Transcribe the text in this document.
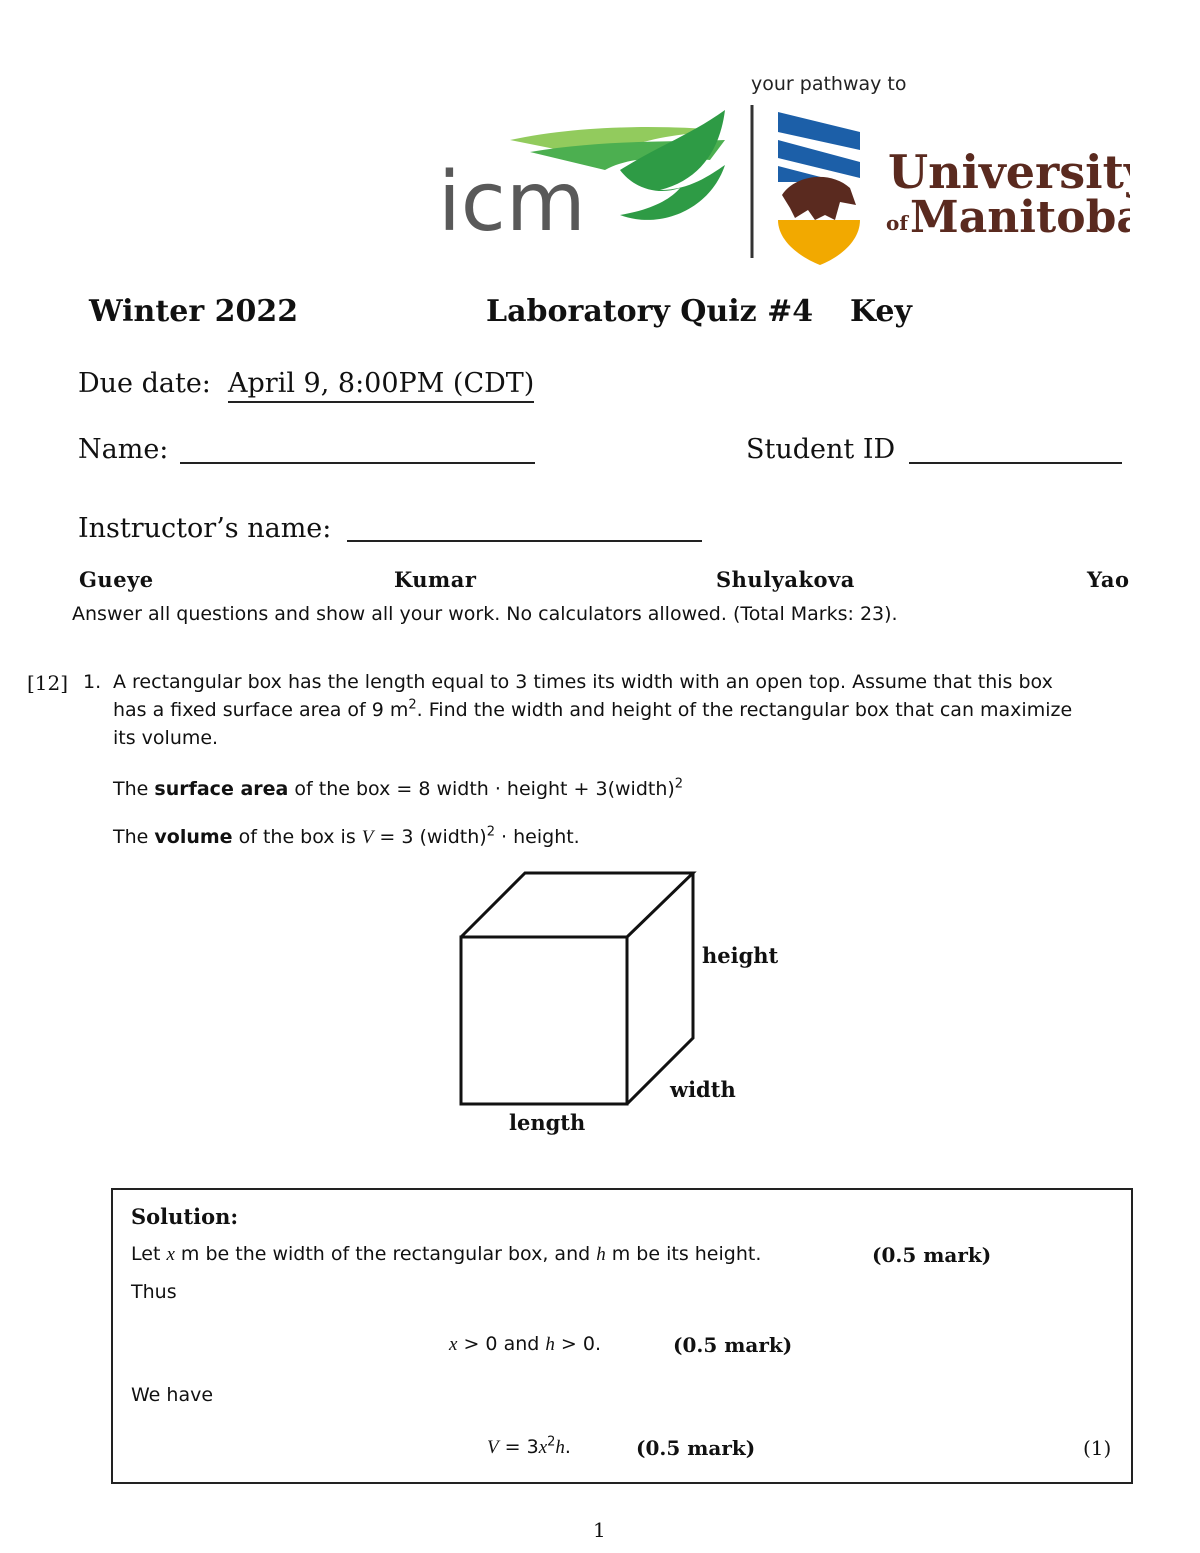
icm
your pathway to
University
of Manitoba
Winter 2022	Laboratory Quiz #4 Key
Due date: April 9, 8:00PM (CDT)
Name:	Student ID
Instructor’s name:
Gueye	Kumar	Shulyakova	Yao
Answer all questions and show all your work. No calculators allowed. (Total Marks: 23).
[12] 1. A rectangular box has the length equal to 3 times its width with an open top. Assume that this box
has a fixed surface area of 9 $m^2$. Find the width and height of the rectangular box that can maximize
its volume.
The surface area of the box = 8 width · height + 3(width)$^2$
The volume of the box is V = 3 (width)$^2$ · height.
height
width
length
Solution:
Let x m be the width of the rectangular box, and h m be its height.	(0.5 mark)
Thus
x > 0 and h > 0.	(0.5 mark)
We have
$V = 3x^2h$.	(0.5 mark)	(1)
1
